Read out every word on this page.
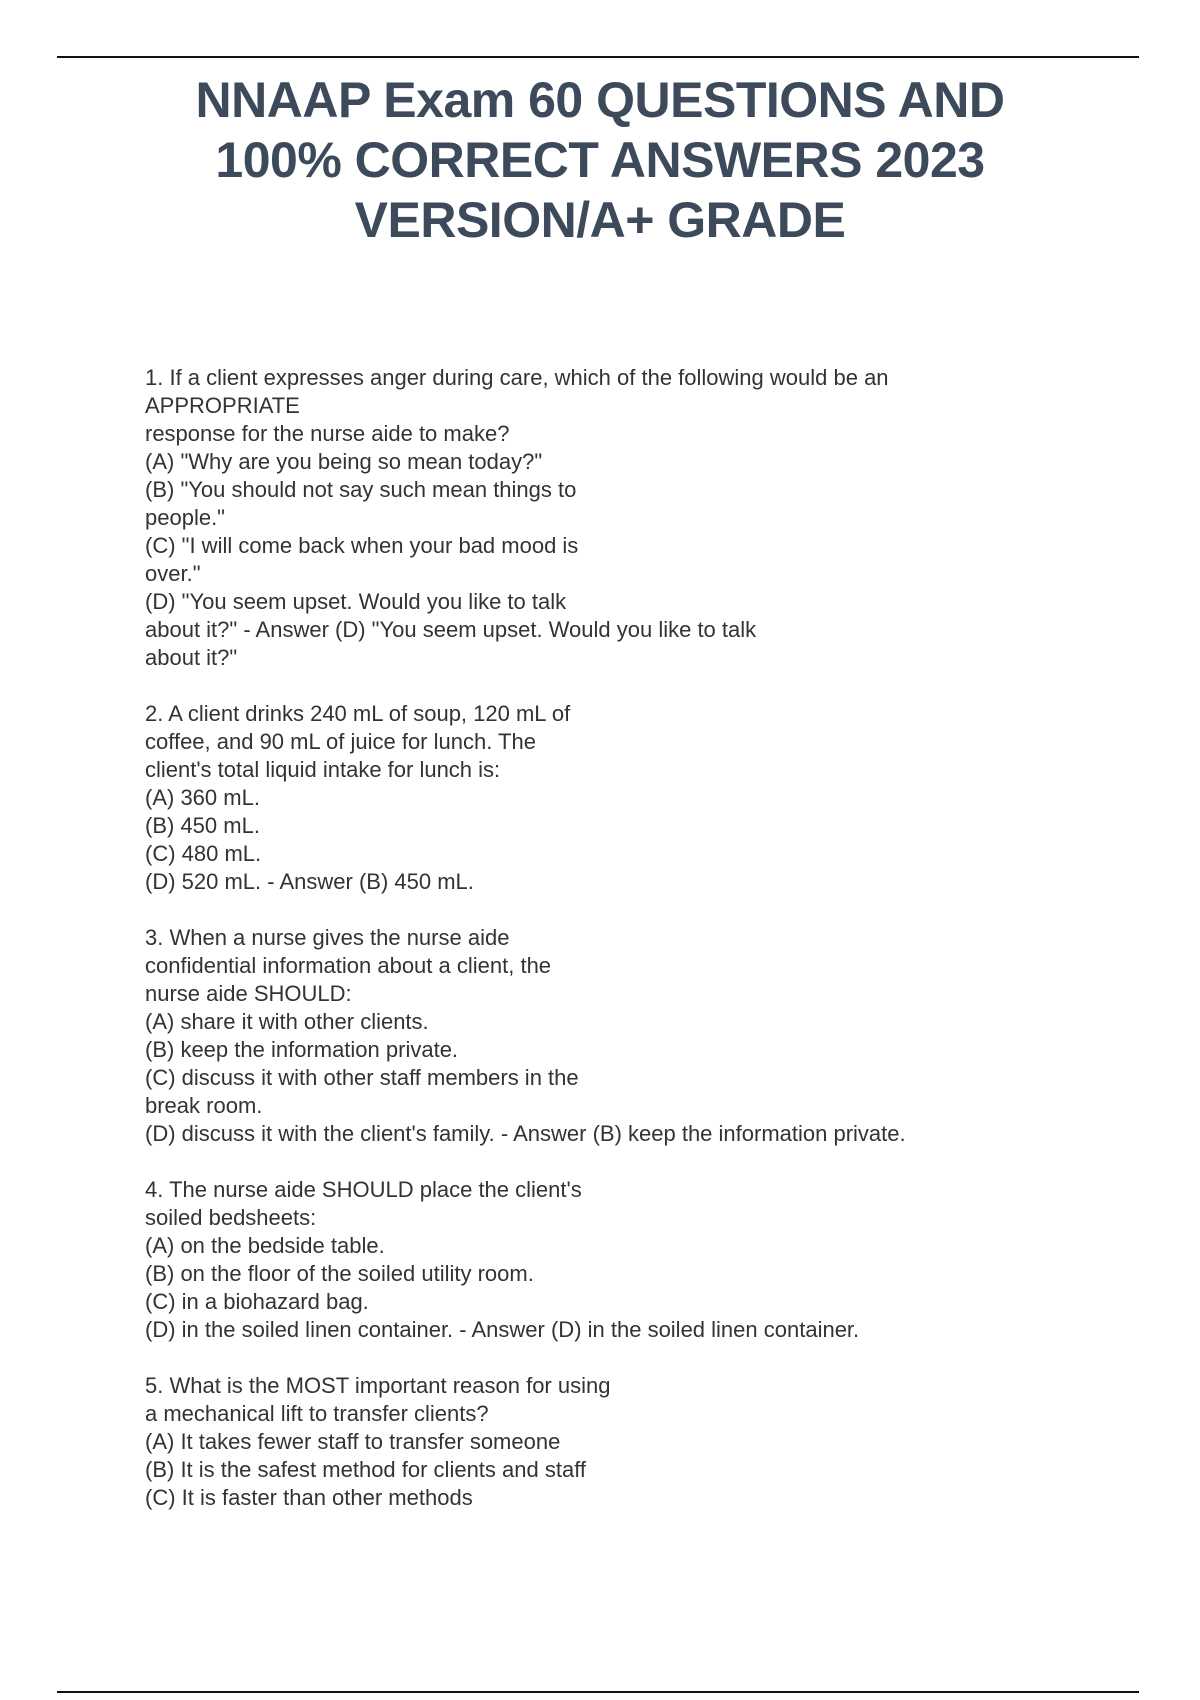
NNAAP Exam 60 QUESTIONS AND
100% CORRECT ANSWERS 2023
VERSION/A+ GRADE
1. If a client expresses anger during care, which of the following would be an
APPROPRIATE
response for the nurse aide to make?
(A) "Why are you being so mean today?"
(B) "You should not say such mean things to
people."
(C) "I will come back when your bad mood is
over."
(D) "You seem upset. Would you like to talk
about it?" - Answer (D) "You seem upset. Would you like to talk
about it?"
2. A client drinks 240 mL of soup, 120 mL of
coffee, and 90 mL of juice for lunch. The
client's total liquid intake for lunch is:
(A) 360 mL.
(B) 450 mL.
(C) 480 mL.
(D) 520 mL. - Answer (B) 450 mL.
3. When a nurse gives the nurse aide
confidential information about a client, the
nurse aide SHOULD:
(A) share it with other clients.
(B) keep the information private.
(C) discuss it with other staff members in the
break room.
(D) discuss it with the client's family. - Answer (B) keep the information private.
4. The nurse aide SHOULD place the client's
soiled bedsheets:
(A) on the bedside table.
(B) on the floor of the soiled utility room.
(C) in a biohazard bag.
(D) in the soiled linen container. - Answer (D) in the soiled linen container.
5. What is the MOST important reason for using
a mechanical lift to transfer clients?
(A) It takes fewer staff to transfer someone
(B) It is the safest method for clients and staff
(C) It is faster than other methods
